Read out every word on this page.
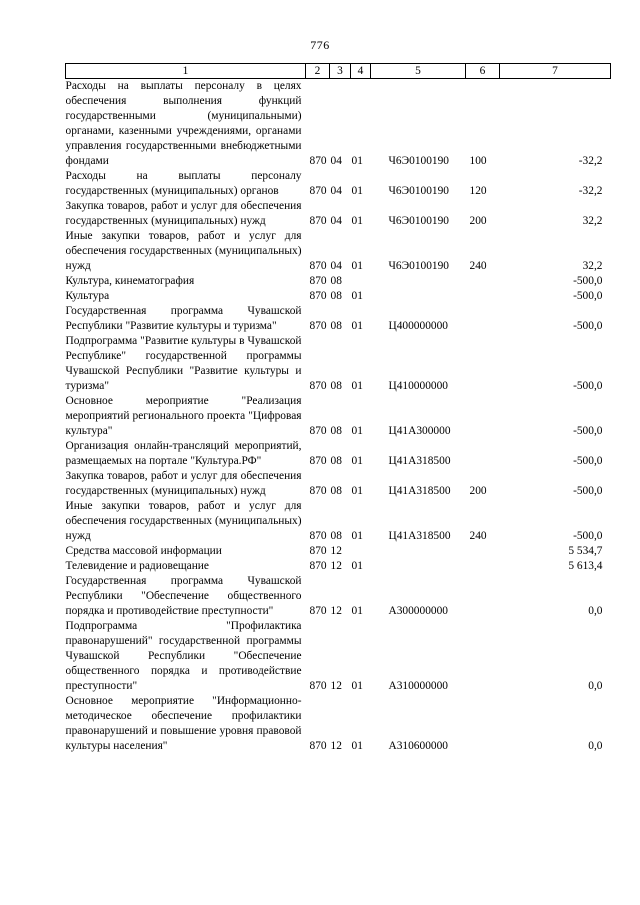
776
1	2	3	4	5	6	7

Расходы на выплаты персоналу в целях обеспечения выполнения функций государственными (муниципальными) органами, казенными учреждениями, органами управления государственными внебюджетными фондами	870	04	01	Ч6Э0100190	100	-32,2

Расходы на выплаты персоналу государственных (муниципальных) органов	870	04	01	Ч6Э0100190	120	-32,2

Закупка товаров, работ и услуг для обеспечения государственных (муниципальных) нужд	870	04	01	Ч6Э0100190	200	32,2

Иные закупки товаров, работ и услуг для обеспечения государственных (муниципальных) нужд	870	04	01	Ч6Э0100190	240	32,2

Культура, кинематография	870	08				-500,0

Культура	870	08	01			-500,0

Государственная программа Чувашской Республики "Развитие культуры и туризма"	870	08	01	Ц400000000		-500,0

Подпрограмма "Развитие культуры в Чувашской Республике" государственной программы Чувашской Республики "Развитие культуры и туризма"	870	08	01	Ц410000000		-500,0

Основное мероприятие "Реализация мероприятий регионального проекта "Цифровая культура"	870	08	01	Ц41А300000		-500,0

Организация онлайн-трансляций мероприятий, размещаемых на портале "Культура.РФ"	870	08	01	Ц41А318500		-500,0

Закупка товаров, работ и услуг для обеспечения государственных (муниципальных) нужд	870	08	01	Ц41А318500	200	-500,0

Иные закупки товаров, работ и услуг для обеспечения государственных (муниципальных) нужд	870	08	01	Ц41А318500	240	-500,0

Средства массовой информации	870	12				5 534,7

Телевидение и радиовещание	870	12	01			5 613,4

Государственная программа Чувашской Республики "Обеспечение общественного порядка и противодействие преступности"	870	12	01	А300000000		0,0

Подпрограмма "Профилактика правонарушений" государственной программы Чувашской Республики "Обеспечение общественного порядка и противодействие преступности"	870	12	01	А310000000		0,0

Основное мероприятие "Информационно-методическое обеспечение профилактики правонарушений и повышение уровня правовой культуры населения"	870	12	01	А310600000		0,0
